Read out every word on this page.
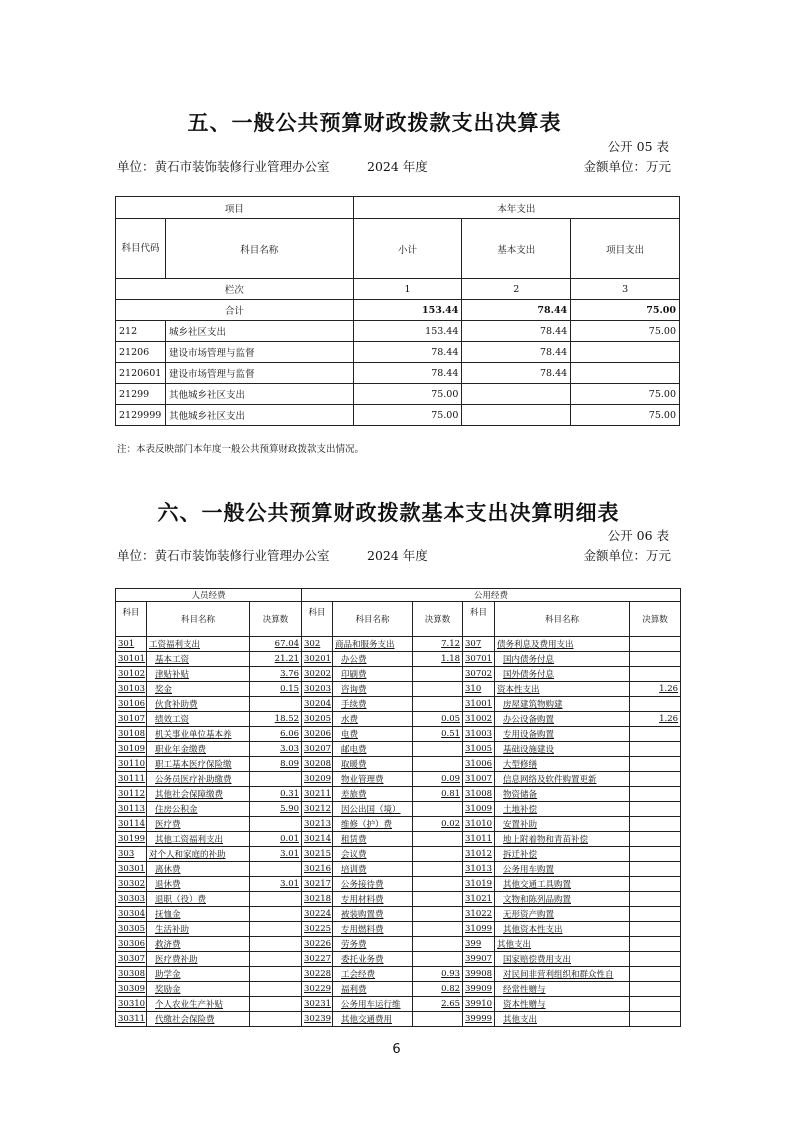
五、一般公共预算财政拨款支出决算表
公开 05 表
单位：黄石市装饰装修行业管理办公室	2024 年度	金额单位：万元
项目		本年支出		
科目代码	科目名称	小计	基本支出	项目支出
栏次		1	2	3
合计		153.44	78.44	75.00
212	城乡社区支出	153.44	78.44	75.00
21206	建设市场管理与监督	78.44	78.44	
2120601	建设市场管理与监督	78.44	78.44	
21299	其他城乡社区支出	75.00		75.00
2129999	其他城乡社区支出	75.00		75.00
注：本表反映部门本年度一般公共预算财政拨款支出情况。
六、一般公共预算财政拨款基本支出决算明细表
公开 06 表
单位：黄石市装饰装修行业管理办公室	2024 年度	金额单位：万元
人员经费			公用经费					
科目	科目名称	决算数	科目	科目名称	决算数	科目	科目名称	决算数
301	工资福利支出	67.04	302	商品和服务支出	7.12	307	债务利息及费用支出	
30101	基本工资	21.21	30201	办公费	1.18	30701	国内债务付息	
30102	津贴补贴	3.76	30202	印刷费		30702	国外债务付息	
30103	奖金	0.15	30203	咨询费		310	资本性支出	1.26
30106	伙食补助费		30204	手续费		31001	房屋建筑物购建	
30107	绩效工资	18.52	30205	水费	0.05	31002	办公设备购置	1.26
30108	机关事业单位基本养	6.06	30206	电费	0.51	31003	专用设备购置	
30109	职业年金缴费	3.03	30207	邮电费		31005	基础设施建设	
30110	职工基本医疗保险缴	8.09	30208	取暖费		31006	大型修缮	
30111	公务员医疗补助缴费		30209	物业管理费	0.09	31007	信息网络及软件购置更新	
30112	其他社会保障缴费	0.31	30211	差旅费	0.81	31008	物资储备	
30113	住房公积金	5.90	30212	因公出国（境）		31009	土地补偿	
30114	医疗费		30213	维修（护）费	0.02	31010	安置补助	
30199	其他工资福利支出	0.01	30214	租赁费		31011	地上附着物和青苗补偿	
303	对个人和家庭的补助	3.01	30215	会议费		31012	拆迁补偿	
30301	离休费		30216	培训费		31013	公务用车购置	
30302	退休费	3.01	30217	公务接待费		31019	其他交通工具购置	
30303	退职（役）费		30218	专用材料费		31021	文物和陈列品购置	
30304	抚恤金		30224	被装购置费		31022	无形资产购置	
30305	生活补助		30225	专用燃料费		31099	其他资本性支出	
30306	救济费		30226	劳务费		399	其他支出	
30307	医疗费补助		30227	委托业务费		39907	国家赔偿费用支出	
30308	助学金		30228	工会经费	0.93	39908	对民间非营利组织和群众性自	
30309	奖励金		30229	福利费	0.82	39909	经常性赠与	
30310	个人农业生产补贴		30231	公务用车运行维	2.65	39910	资本性赠与	
30311	代缴社会保险费		30239	其他交通费用		39999	其他支出	
6
